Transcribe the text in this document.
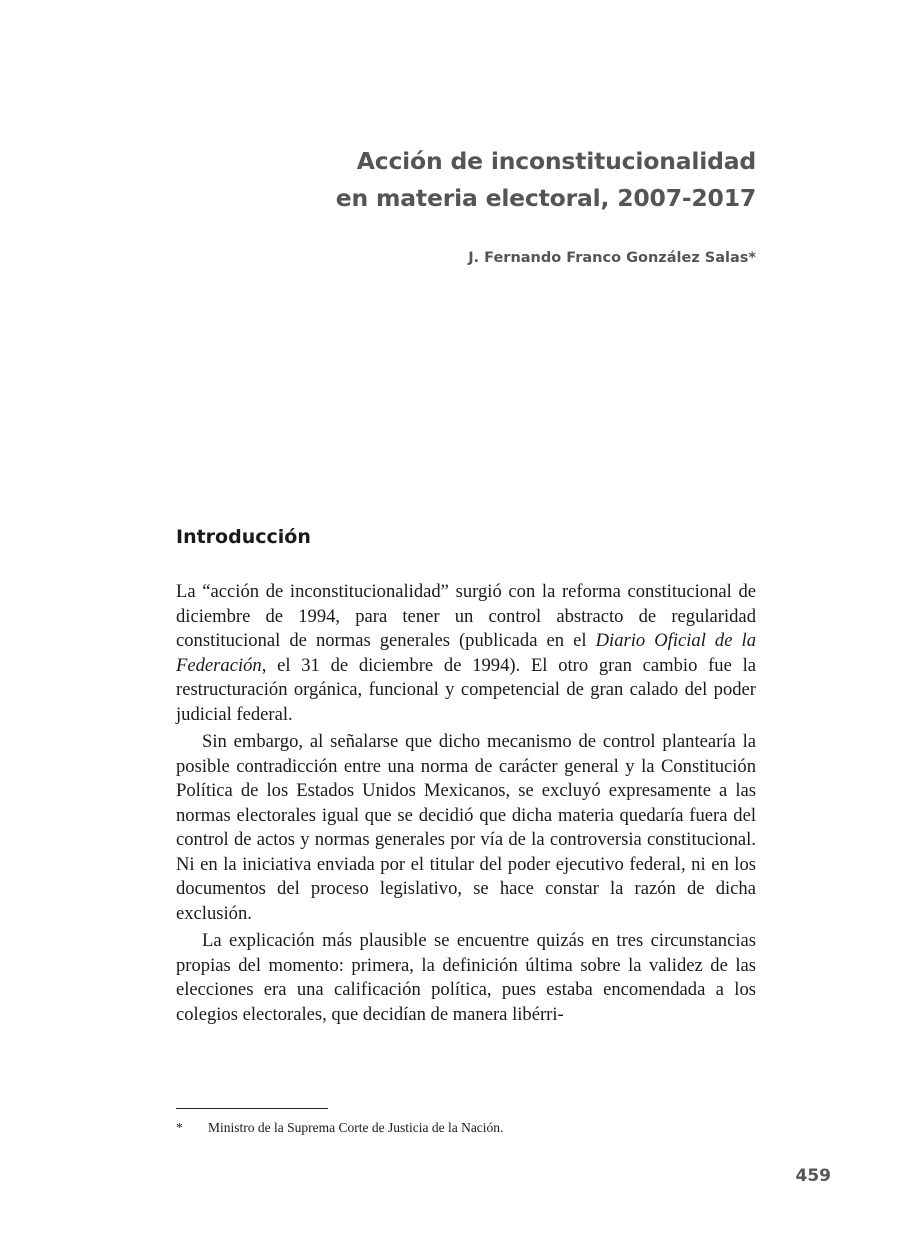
Acción de inconstitucionalidad
en materia electoral, 2007-2017
J. Fernando Franco González Salas*
Introducción

La “acción de inconstitucionalidad” surgió con la reforma constitucional de diciembre de 1994, para tener un control abstracto de regularidad constitucional de normas generales (publicada en el Diario Oficial de la Federación, el 31 de diciembre de 1994). El otro gran cambio fue la restructuración orgánica, funcional y competencial de gran calado del poder judicial federal.

Sin embargo, al señalarse que dicho mecanismo de control plantearía la posible contradicción entre una norma de carácter general y la Constitución Política de los Estados Unidos Mexicanos, se excluyó expresamente a las normas electorales igual que se decidió que dicha materia quedaría fuera del control de actos y normas generales por vía de la controversia constitucional. Ni en la iniciativa enviada por el titular del poder ejecutivo federal, ni en los documentos del proceso legislativo, se hace constar la razón de dicha exclusión.

La explicación más plausible se encuentre quizás en tres circunstancias propias del momento: primera, la definición última sobre la validez de las elecciones era una calificación política, pues estaba encomendada a los colegios electorales, que decidían de manera libérri-

* Ministro de la Suprema Corte de Justicia de la Nación.
459
